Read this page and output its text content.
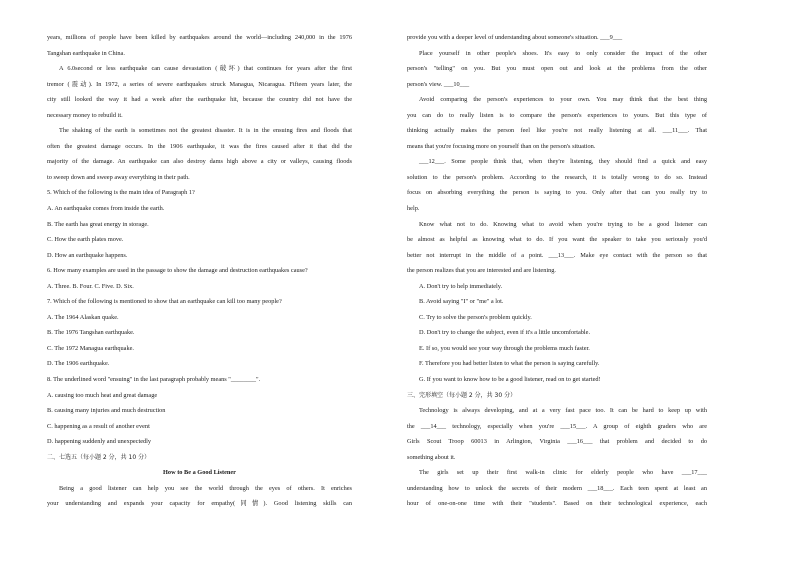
years, millions of people have been killed by earthquakes around the world—including 240,000 in the 1976
Tangshan earthquake in China.
A 6.0second or less earthquake can cause devastation (破坏) that continues for years after the first
tremor (震动). In 1972, a series of severe earthquakes struck Managua, Nicaragua. Fifteen years later, the
city still looked the way it had a week after the earthquake hit, because the country did not have the
necessary money to rebuild it.
The shaking of the earth is sometimes not the greatest disaster. It is in the ensuing fires and floods that
often the greatest damage occurs. In the 1906 earthquake, it was the fires caused after it that did the
majority of the damage. An earthquake can also destroy dams high above a city or valleys, causing floods
to sweep down and sweep away everything in their path.
5. Which of the following is the main idea of Paragraph 1?
A. An earthquake comes from inside the earth.
B. The earth has great energy in storage.
C. How the earth plates move.
D. How an earthquake happens.
6. How many examples are used in the passage to show the damage and destruction earthquakes cause?
A. Three. B. Four. C. Five. D. Six.
7. Which of the following is mentioned to show that an earthquake can kill too many people?
A. The 1964 Alaskan quake.
B. The 1976 Tangshan earthquake.
C. The 1972 Managua earthquake.
D. The 1906 earthquake.
8. The underlined word "ensuing" in the last paragraph probably means "________".
A. causing too much heat and great damage
B. causing many injuries and much destruction
C. happening as a result of another event
D. happening suddenly and unexpectedly
二、七选五（每小题 2 分，共 10 分）
How to Be a Good Listener
Being a good listener can help you see the world through the eyes of others. It enriches
your understanding and expands your capacity for empathy(同情). Good listening skills can
provide you with a deeper level of understanding about someone's situation. ___9___
Place yourself in other people's shoes. It's easy to only consider the impact of the other
person's "telling" on you. But you must open out and look at the problems from the other
person's view. ___10___
Avoid comparing the person's experiences to your own. You may think that the best thing
you can do to really listen is to compare the person's experiences to yours. But this type of
thinking actually makes the person feel like you're not really listening at all. ___11___. That
means that you're focusing more on yourself than on the person's situation.
___12___. Some people think that, when they're listening, they should find a quick and easy
solution to the person's problem. According to the research, it is totally wrong to do so. Instead
focus on absorbing everything the person is saying to you. Only after that can you really try to
help.
Know what not to do. Knowing what to avoid when you're trying to be a good listener can
be almost as helpful as knowing what to do. If you want the speaker to take you seriously you'd
better not interrupt in the middle of a point. ___13___. Make eye contact with the person so that
the person realizes that you are interested and are listening.
A. Don't try to help immediately.
B. Avoid saying "I" or "me" a lot.
C. Try to solve the person's problem quickly.
D. Don't try to change the subject, even if it's a little uncomfortable.
E. If so, you would see your way through the problems much faster.
F. Therefore you had better listen to what the person is saying carefully.
G. If you want to know how to be a good listener, read on to get started!
三、完形填空（每小题 2 分，共 30 分）
Technology is always developing, and at a very fast pace too. It can be hard to keep up with
the ___14___ technology, especially when you're ___15___. A group of eighth graders who are
Girls Scout Troop 60013 in Arlington, Virginia ___16___ that problem and decided to do
something about it.
The girls set up their first walk-in clinic for elderly people who have ___17___
understanding how to unlock the secrets of their modern ___18___. Each teen spent at least an
hour of one-on-one time with their "students". Based on their technological experience, each
